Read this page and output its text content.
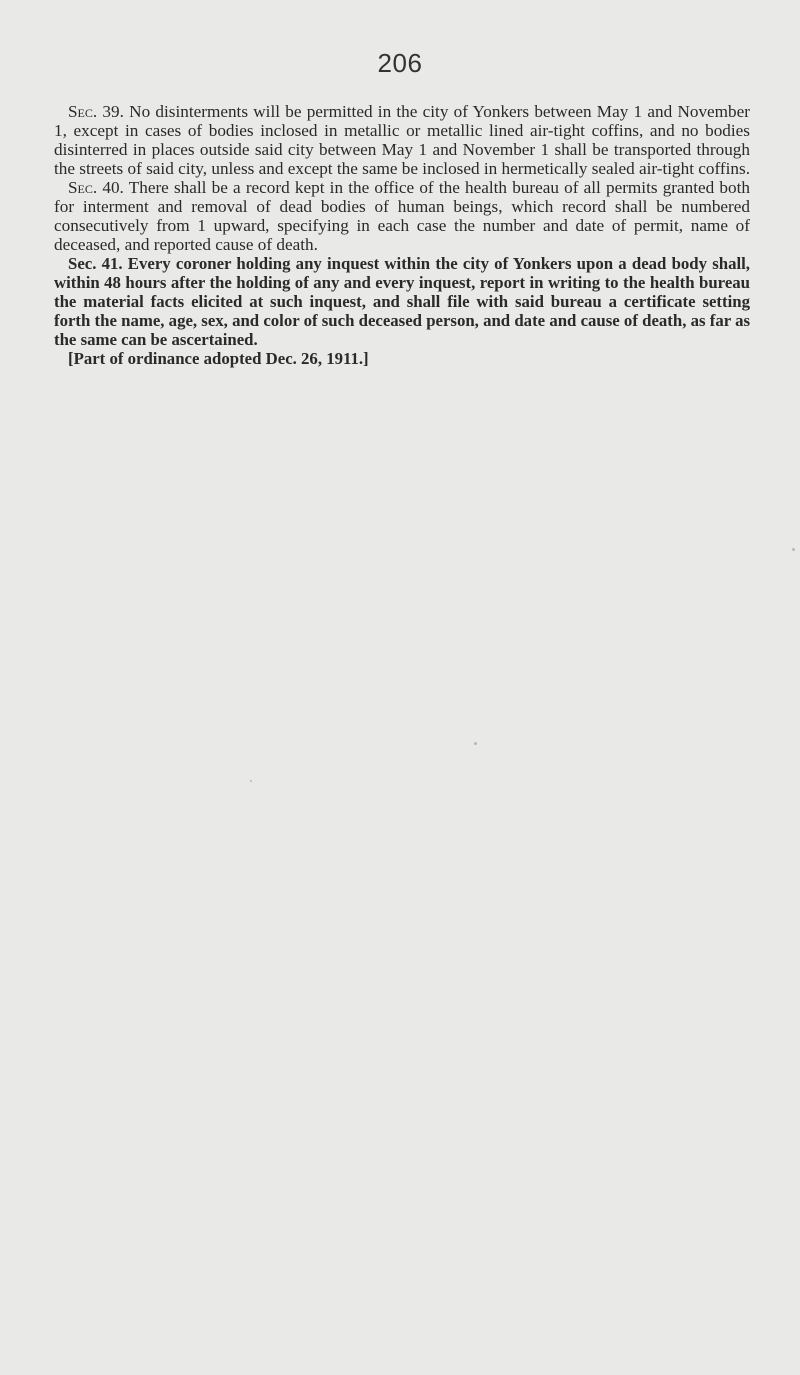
206

Sec. 39. No disinterments will be permitted in the city of Yonkers between May 1 and November 1, except in cases of bodies inclosed in metallic or metallic lined air-tight coffins, and no bodies disinterred in places outside said city between May 1 and November 1 shall be transported through the streets of said city, unless and except the same be inclosed in hermetically sealed air-tight coffins.

Sec. 40. There shall be a record kept in the office of the health bureau of all permits granted both for interment and removal of dead bodies of human beings, which record shall be numbered consecutively from 1 upward, specifying in each case the number and date of permit, name of deceased, and reported cause of death.

Sec. 41. Every coroner holding any inquest within the city of Yonkers upon a dead body shall, within 48 hours after the holding of any and every inquest, report in writing to the health bureau the material facts elicited at such inquest, and shall file with said bureau a certificate setting forth the name, age, sex, and color of such deceased person, and date and cause of death, as far as the same can be ascertained.

[Part of ordinance adopted Dec. 26, 1911.]
